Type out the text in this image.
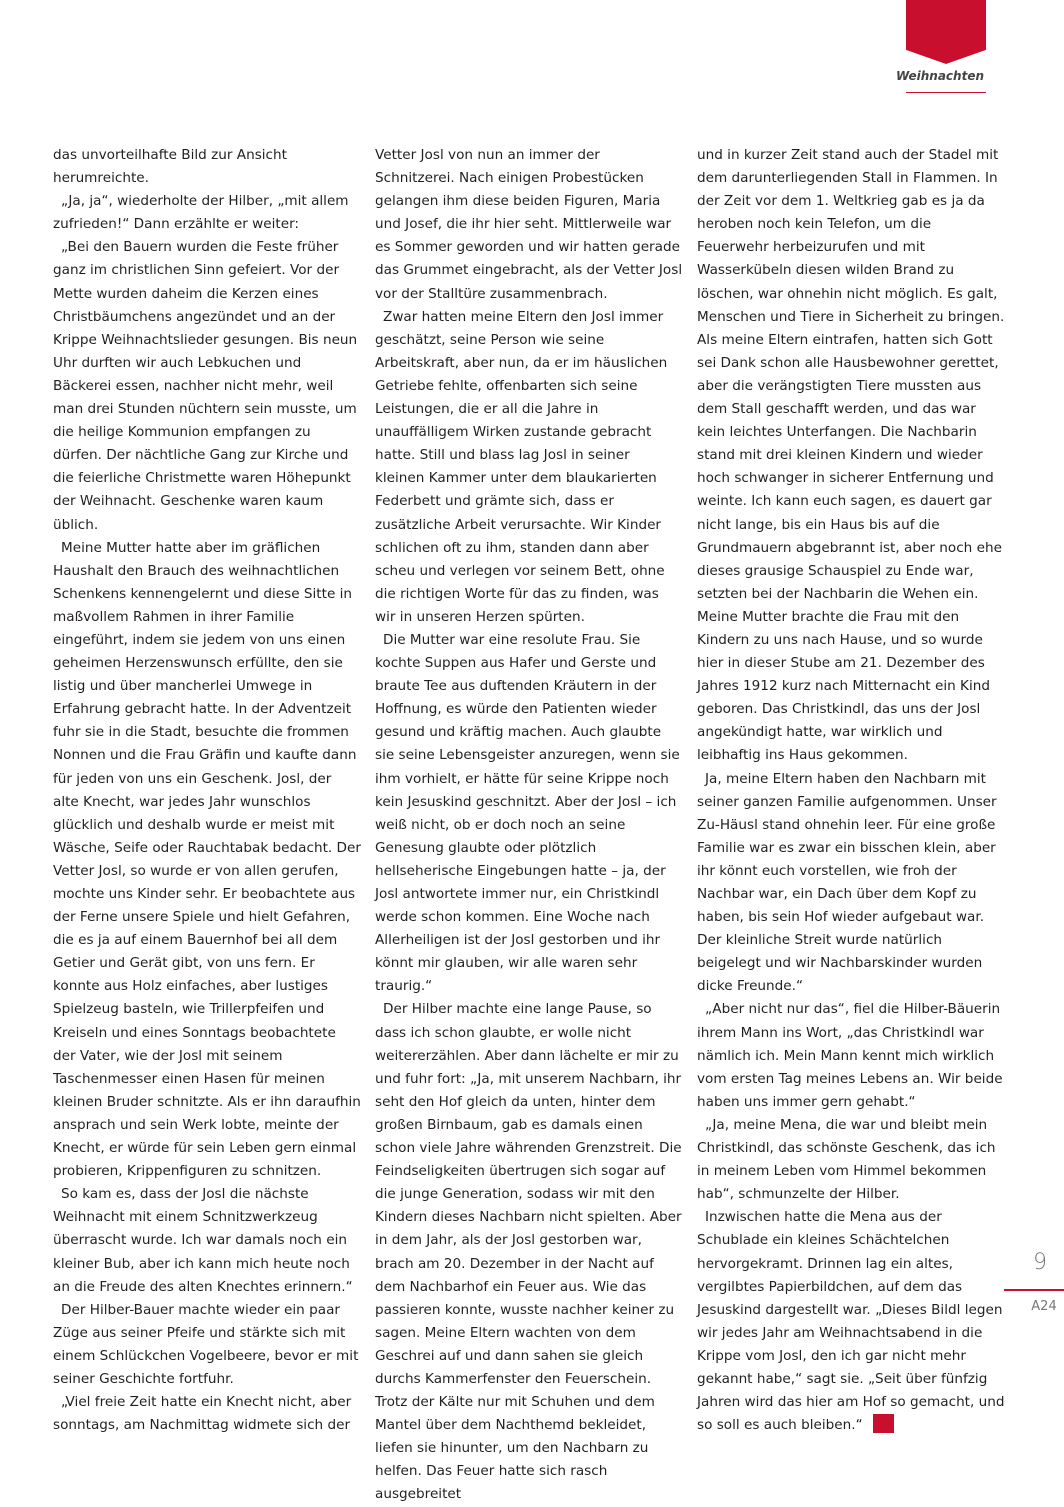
Weihnachten

das unvorteilhafte Bild zur Ansicht herumreichte.

„Ja, ja“, wiederholte der Hilber, „mit allem zufrieden!“ Dann erzählte er weiter:

„Bei den Bauern wurden die Feste früher ganz im christlichen Sinn gefeiert. Vor der Mette wurden daheim die Kerzen eines Christbäumchens angezündet und an der Krippe Weihnachtslieder gesungen. Bis neun Uhr durften wir auch Lebkuchen und Bäckerei essen, nachher nicht mehr, weil man drei Stunden nüchtern sein musste, um die heilige Kommunion empfangen zu dürfen. Der nächtliche Gang zur Kirche und die feierliche Christmette waren Höhepunkt der Weihnacht. Geschenke waren kaum üblich.

Meine Mutter hatte aber im gräflichen Haushalt den Brauch des weihnachtlichen Schenkens kennengelernt und diese Sitte in maßvollem Rahmen in ihrer Familie eingeführt, indem sie jedem von uns einen geheimen Herzenswunsch erfüllte, den sie listig und über mancherlei Umwege in Erfahrung gebracht hatte. In der Adventzeit fuhr sie in die Stadt, besuchte die frommen Nonnen und die Frau Gräfin und kaufte dann für jeden von uns ein Geschenk. Josl, der alte Knecht, war jedes Jahr wunschlos glücklich und deshalb wurde er meist mit Wäsche, Seife oder Rauchtabak bedacht. Der Vetter Josl, so wurde er von allen gerufen, mochte uns Kinder sehr. Er beobachtete aus der Ferne unsere Spiele und hielt Gefahren, die es ja auf einem Bauernhof bei all dem Getier und Gerät gibt, von uns fern. Er konnte aus Holz einfaches, aber lustiges Spielzeug basteln, wie Trillerpfeifen und Kreiseln und eines Sonntags beobachtete der Vater, wie der Josl mit seinem Taschenmesser einen Hasen für meinen kleinen Bruder schnitzte. Als er ihn daraufhin ansprach und sein Werk lobte, meinte der Knecht, er würde für sein Leben gern einmal probieren, Krippenfiguren zu schnitzen.

So kam es, dass der Josl die nächste Weihnacht mit einem Schnitzwerkzeug überrascht wurde. Ich war damals noch ein kleiner Bub, aber ich kann mich heute noch an die Freude des alten Knechtes erinnern.“

Der Hilber-Bauer machte wieder ein paar Züge aus seiner Pfeife und stärkte sich mit einem Schlückchen Vogelbeere, bevor er mit seiner Geschichte fortfuhr.

„Viel freie Zeit hatte ein Knecht nicht, aber sonntags, am Nachmittag widmete sich der

Vetter Josl von nun an immer der Schnitzerei. Nach einigen Probestücken gelangen ihm diese beiden Figuren, Maria und Josef, die ihr hier seht. Mittlerweile war es Sommer geworden und wir hatten gerade das Grummet eingebracht, als der Vetter Josl vor der Stalltüre zusammenbrach.

Zwar hatten meine Eltern den Josl immer geschätzt, seine Person wie seine Arbeitskraft, aber nun, da er im häuslichen Getriebe fehlte, offenbarten sich seine Leistungen, die er all die Jahre in unauffälligem Wirken zustande gebracht hatte. Still und blass lag Josl in seiner kleinen Kammer unter dem blaukarierten Federbett und grämte sich, dass er zusätzliche Arbeit verursachte. Wir Kinder schlichen oft zu ihm, standen dann aber scheu und verlegen vor seinem Bett, ohne die richtigen Worte für das zu finden, was wir in unseren Herzen spürten.

Die Mutter war eine resolute Frau. Sie kochte Suppen aus Hafer und Gerste und braute Tee aus duftenden Kräutern in der Hoffnung, es würde den Patienten wieder gesund und kräftig machen. Auch glaubte sie seine Lebensgeister anzuregen, wenn sie ihm vorhielt, er hätte für seine Krippe noch kein Jesuskind geschnitzt. Aber der Josl – ich weiß nicht, ob er doch noch an seine Genesung glaubte oder plötzlich hellseherische Eingebungen hatte – ja, der Josl antwortete immer nur, ein Christkindl werde schon kommen. Eine Woche nach Allerheiligen ist der Josl gestorben und ihr könnt mir glauben, wir alle waren sehr traurig.“

Der Hilber machte eine lange Pause, so dass ich schon glaubte, er wolle nicht weitererzählen. Aber dann lächelte er mir zu und fuhr fort: „Ja, mit unserem Nachbarn, ihr seht den Hof gleich da unten, hinter dem großen Birnbaum, gab es damals einen schon viele Jahre währenden Grenzstreit. Die Feindseligkeiten übertrugen sich sogar auf die junge Generation, sodass wir mit den Kindern dieses Nachbarn nicht spielten. Aber in dem Jahr, als der Josl gestorben war, brach am 20. Dezember in der Nacht auf dem Nachbarhof ein Feuer aus. Wie das passieren konnte, wusste nachher keiner zu sagen. Meine Eltern wachten von dem Geschrei auf und dann sahen sie gleich durchs Kammerfenster den Feuerschein. Trotz der Kälte nur mit Schuhen und dem Mantel über dem Nachthemd bekleidet, liefen sie hinunter, um den Nachbarn zu helfen. Das Feuer hatte sich rasch ausgebreitet

und in kurzer Zeit stand auch der Stadel mit dem darunterliegenden Stall in Flammen. In der Zeit vor dem 1. Weltkrieg gab es ja da heroben noch kein Telefon, um die Feuerwehr herbeizurufen und mit Wasserkübeln diesen wilden Brand zu löschen, war ohnehin nicht möglich. Es galt, Menschen und Tiere in Sicherheit zu bringen. Als meine Eltern eintrafen, hatten sich Gott sei Dank schon alle Hausbewohner gerettet, aber die verängstigten Tiere mussten aus dem Stall geschafft werden, und das war kein leichtes Unterfangen. Die Nachbarin stand mit drei kleinen Kindern und wieder hoch schwanger in sicherer Entfernung und weinte. Ich kann euch sagen, es dauert gar nicht lange, bis ein Haus bis auf die Grundmauern abgebrannt ist, aber noch ehe dieses grausige Schauspiel zu Ende war, setzten bei der Nachbarin die Wehen ein. Meine Mutter brachte die Frau mit den Kindern zu uns nach Hause, und so wurde hier in dieser Stube am 21. Dezember des Jahres 1912 kurz nach Mitternacht ein Kind geboren. Das Christkindl, das uns der Josl angekündigt hatte, war wirklich und leibhaftig ins Haus gekommen.

Ja, meine Eltern haben den Nachbarn mit seiner ganzen Familie aufgenommen. Unser Zu-Häusl stand ohnehin leer. Für eine große Familie war es zwar ein bisschen klein, aber ihr könnt euch vorstellen, wie froh der Nachbar war, ein Dach über dem Kopf zu haben, bis sein Hof wieder aufgebaut war. Der kleinliche Streit wurde natürlich beigelegt und wir Nachbarskinder wurden dicke Freunde.“

„Aber nicht nur das“, fiel die Hilber-Bäuerin ihrem Mann ins Wort, „das Christkindl war nämlich ich. Mein Mann kennt mich wirklich vom ersten Tag meines Lebens an. Wir beide haben uns immer gern gehabt.“

„Ja, meine Mena, die war und bleibt mein Christkindl, das schönste Geschenk, das ich in meinem Leben vom Himmel bekommen hab“, schmunzelte der Hilber.

Inzwischen hatte die Mena aus der Schublade ein kleines Schächtelchen hervorgekramt. Drinnen lag ein altes, vergilbtes Papierbildchen, auf dem das Jesuskind dargestellt war. „Dieses Bildl legen wir jedes Jahr am Weihnachtsabend in die Krippe vom Josl, den ich gar nicht mehr gekannt habe,“ sagt sie. „Seit über fünfzig Jahren wird das hier am Hof so gemacht, und so soll es auch bleiben.“

9
A24
